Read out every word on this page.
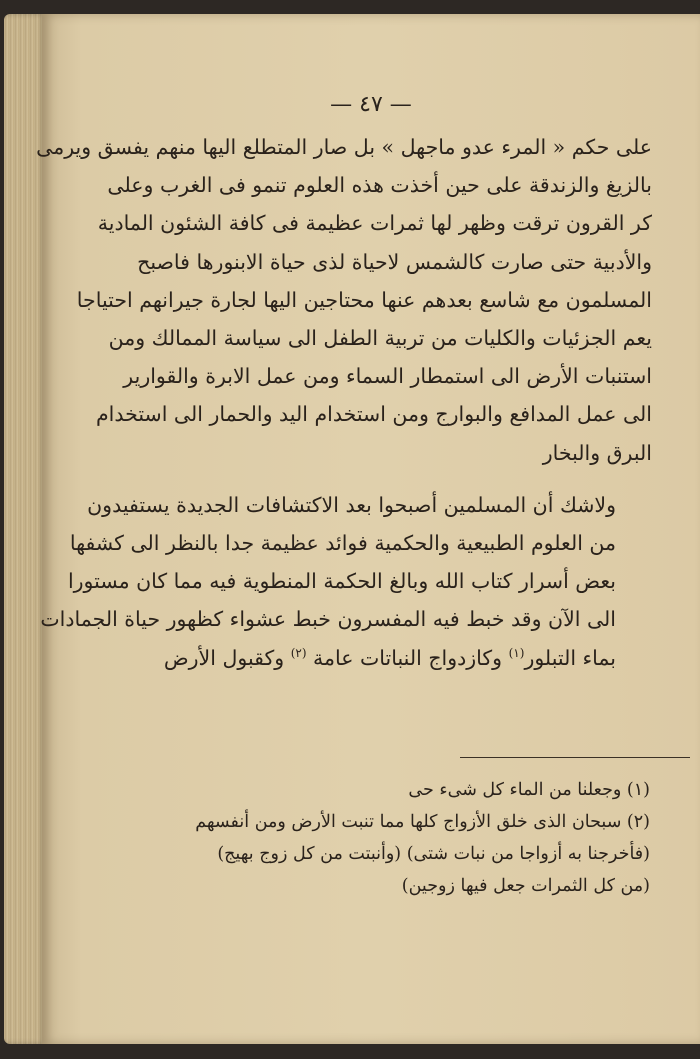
— ٤٧ —

على حكم « المرء عدو ماجهل » بل صار المتطلع اليها منهم يفسق ويرمى
بالزيغ والزندقة على حين أخذت هذه العلوم تنمو فى الغرب وعلى
كر القرون ترقت وظهر لها ثمرات عظيمة فى كافة الشئون المادية
والأدبية حتى صارت كالشمس لاحياة لذى حياة الابنورها فاصبح
المسلمون مع شاسع بعدهم عنها محتاجين اليها لجارة جيرانهم احتياجا
يعم الجزئيات والكليات من تربية الطفل الى سياسة الممالك ومن
استنبات الأرض الى استمطار السماء ومن عمل الابرة والقوارير
الى عمل المدافع والبوارج ومن استخدام اليد والحمار الى استخدام
البرق والبخار

ولاشك أن المسلمين أصبحوا بعد الاكتشافات الجديدة يستفيدون
من العلوم الطبيعية والحكمية فوائد عظيمة جدا بالنظر الى كشفها
بعض أسرار كتاب الله وبالغ الحكمة المنطوية فيه مما كان مستورا
الى الآن وقد خبط فيه المفسرون خبط عشواء كظهور حياة الجمادات
بماء التبلور$^{(١)}$ وكازدواج النباتات عامة $^{(٢)}$ وكقبول الأرض

(١) وجعلنا من الماء كل شىء حى
(٢) سبحان الذى خلق الأزواج كلها مما تنبت الأرض ومن أنفسهم
(فأخرجنا به أزواجا من نبات شتى) (وأنبتت من كل زوج بهيج)
(من كل الثمرات جعل فيها زوجين)
